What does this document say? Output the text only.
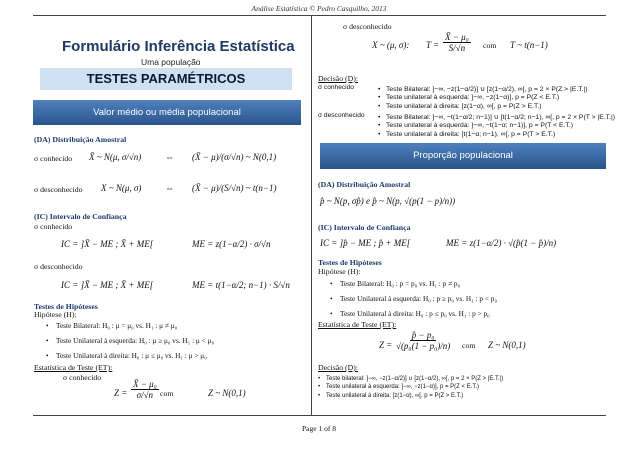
Análise Estatística © Pedro Casquilho, 2013
Formulário Inferência Estatística
Uma população
TESTES PARAMÉTRICOS
Valor médio ou média populacional
(DA) Distribuição Amostral
σ conhecido X̄ ~ N(μ, σ/√n)	⇔ (X̄ − μ)/(σ/√n) ~ N(0,1)
σ desconhecido X ~ N(μ, σ)	⇔ (X̄ − μ)/(S/√n) ~ t(n−1)
(IC) Intervalo de Confiança
σ conhecido
IC = ]X̄ − ME ; X̄ + ME[	ME = z(1−α/2) · σ/√n
σ desconhecido
IC = ]X̄ − ME ; X̄ + ME[	ME = t(1−α/2; n−1) · S/√n
Testes de Hipóteses
Hipótese (H):
• Teste Bilateral: H₀ : μ = μ₀ vs. H₁ : μ ≠ μ₀
• Teste Unilateral à esquerda: H₀ : μ ≥ μ₀ vs. H₁ : μ < μ₀
• Teste Unilateral à direita: H₀ : μ ≤ μ₀ vs. H₁ : μ > μ₀
Estatística de Teste (ET):
σ conhecido
$Z = \frac{\text{X̄ − μ₀}}{\sigma/√n}$ com	Z ~ N(0,1)
σ desconhecido
X ~ (μ, σ): $T = \frac{\text{X̄ − μ₀}}{S/√n}$ com T ~ t(n−1)
Decisão (D):
σ conhecido	• Teste Bilateral: ]−∞, −z(1−α/2)] ∪ [z(1−α/2), ∞[, p = 2 × P(Z > |E.T.|)
• Teste unilateral à esquerda: ]−∞, −z(1−α)], p = P(Z < E.T.)
• Teste unilateral à direita: [z(1−α), ∞[, p = P(Z > E.T.)
σ desconhecido	• Teste Bilateral: ]−∞, −t(1−α/2; n−1)] ∪ [t(1−α/2; n−1), ∞[, p = 2 × P(T > |E.T.|)
• Teste unilateral à esquerda: ]−∞, −t(1−α; n−1)], p = P(T < E.T.)
• Teste unilateral à direita: [t(1−α; n−1), ∞[, p = P(T > E.T.)
Proporção populacional
(DA) Distribuição Amostral
p̂ ~ N(p, σp̂) e p̂ ~ N(p, √(p(1 − p)/n))
(IC) Intervalo de Confiança
IC = ]p̂ − ME ; p̂ + ME[	ME = z(1−α/2) · √(p̂(1 − p̂)/n)
Testes de Hipóteses
Hipótese (H):
• Teste Bilateral: H₀ : p = p₀ vs. H₁ : p ≠ p₀
• Teste Unilateral à esquerda: H₀ : p ≥ p₀ vs. H₁ : p < p₀
• Teste Unilateral à direita: H₀ : p ≤ p₀ vs. H₁ : p > p₀
Estatística de Teste (ET):
$Z = \frac{\text{p̂ − p₀}}{\text{√(p₀(1 − p₀)/n)}}$ com Z ~ N(0,1)
Decisão (D):
• Teste bilateral: ]−∞, −z(1−α/2)] ∪ [z(1−α/2), ∞[, p = 2 × P(Z > |E.T.|)
• Teste unilateral à esquerda: ]−∞, −z(1−α)], p = P(Z < E.T.)
• Teste unilateral à direita: [z(1−α), ∞[, p = P(Z > E.T.)
Page 1 of 8
